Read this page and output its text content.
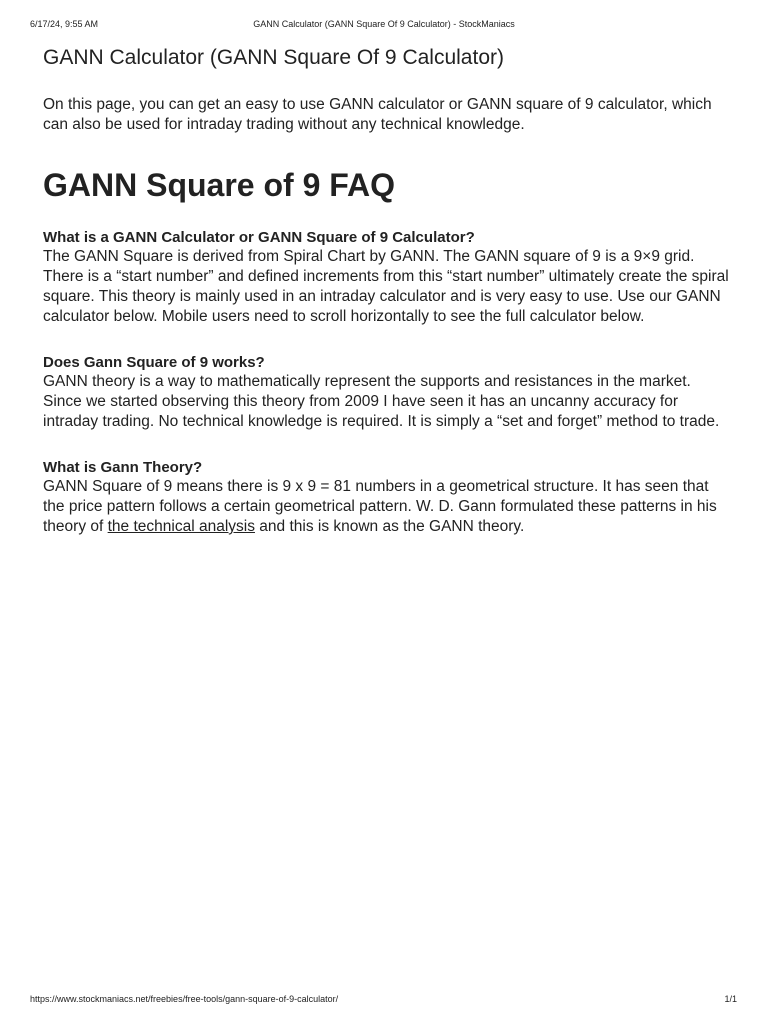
6/17/24, 9:55 AM	GANN Calculator (GANN Square Of 9 Calculator) - StockManiacs
GANN Calculator (GANN Square Of 9 Calculator)

On this page, you can get an easy to use GANN calculator or GANN square of 9 calculator, which can also be used for intraday trading without any technical knowledge.

GANN Square of 9 FAQ

What is a GANN Calculator or GANN Square of 9 Calculator?

The GANN Square is derived from Spiral Chart by GANN. The GANN square of 9 is a 9×9 grid. There is a “start number” and defined increments from this “start number” ultimately create the spiral square. This theory is mainly used in an intraday calculator and is very easy to use. Use our GANN calculator below. Mobile users need to scroll horizontally to see the full calculator below.

Does Gann Square of 9 works?

GANN theory is a way to mathematically represent the supports and resistances in the market. Since we started observing this theory from 2009 I have seen it has an uncanny accuracy for intraday trading. No technical knowledge is required. It is simply a “set and forget” method to trade.

What is Gann Theory?

GANN Square of 9 means there is 9 x 9 = 81 numbers in a geometrical structure. It has seen that the price pattern follows a certain geometrical pattern. W. D. Gann formulated these patterns in his theory of the technical analysis and this is known as the GANN theory.

https://www.stockmaniacs.net/freebies/free-tools/gann-square-of-9-calculator/	1/1
